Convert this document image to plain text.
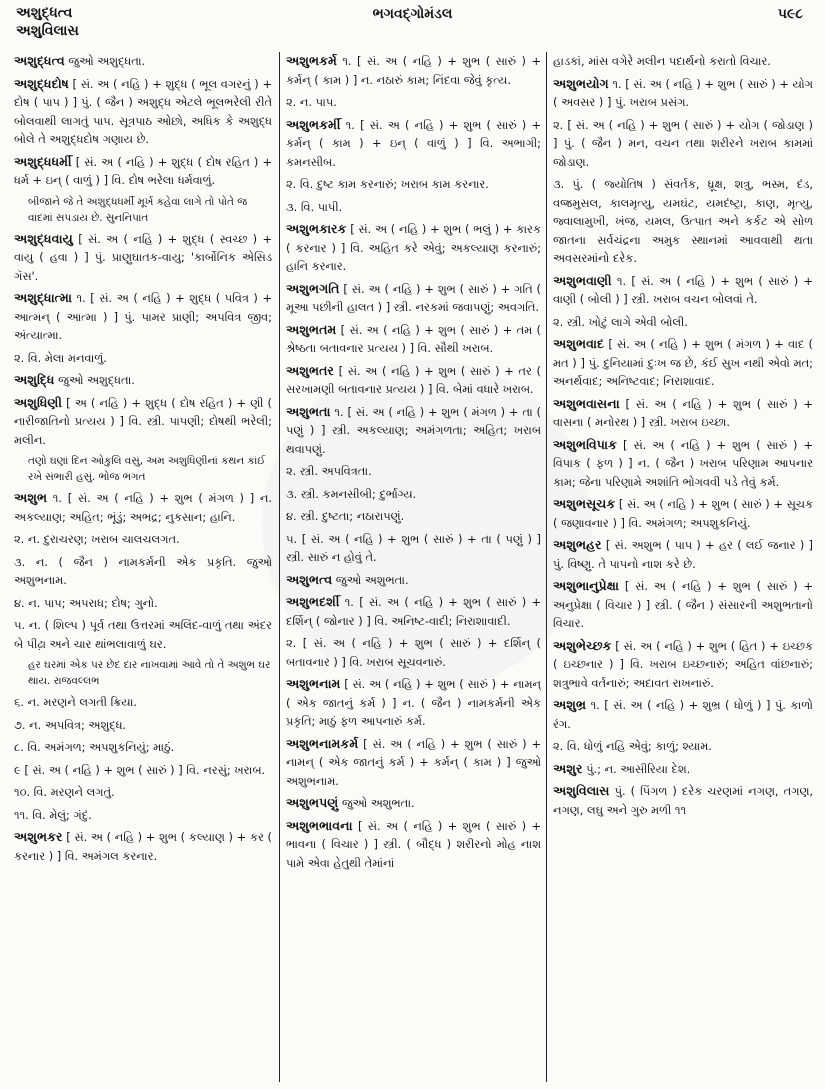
અશુદ્ધત્વ
અશુવિલાસ
ભગવદ્ગોમંડલ	પ૯૮

અશુદ્ધત્વ જુઓ અશુદ્ધતા.

અશુદ્ધદોષ [ સં. અ ( નહિ ) + શુદ્ધ ( ભૂલ વગરનું ) + દોષ ( પાપ ) ] પું. ( જૈન ) અશુદ્ધ એટલે ભૂલભરેલી રીતે બોલવાથી લાગતું પાપ. સૂત્રપાઠ ઓછો, અધિક કે અશુદ્ધ બોલે તે અશુદ્ધદોષ ગણાય છે.

અશુદ્ધધર્મી [ સં. અ ( નહિ ) + શુદ્ધ ( દોષ રહિત ) + ધર્મ + ઇન્ ( વાળું ) ] વિ. દોષ ભરેલા ધર્મવાળું.

બીજાને જે તે અશુદ્ધધર્મી મૂર્ખ કહેવા લાગે તો પોતે જ વાદમાં સપડાય છે. સુનનિપાત

અશુદ્ધવાયુ [ સં. અ ( નહિ ) + શુદ્ધ ( સ્વચ્છ ) + વાયુ ( હવા ) ] પું. પ્રાણુઘાતક-વાયુ; 'કાર્બોનિક એસિડ ગૅસ'.

અશુદ્ધાત્મા ૧. [ સં. અ ( નહિ ) + શુદ્ધ ( પવિત્ર ) + આત્મન્ ( આત્મા ) ] પું. પામર પ્રાણી; અપવિત્ર જીવ; અંત્યાત્મા.

૨. વિ. મેલા મનવાળું.

અશુદ્ધિ જુઓ અશુદ્ધતા.

અશુધિણી [ અ ( નહિ ) + શુદ્ધ ( દોષ રહિત ) + ણી ( નારીજાતિનો પ્રત્યય ) ] વિ. સ્ત્રી. પાપણી; દોષથી ભરેલી; મલીન.

તણો ઘણાં દિન ઓકુલિ વસું, અમ અશુધિણીનાં કથન કાંઈ રખે સંભારી હસું. ભોજ ભગત

અશુભ ૧. [ સં. અ ( નહિ ) + શુભ ( મંગળ ) ] ન. અકલ્યાણ; અહિત; ભૂંડું; અભદ્ર; નુકસાન; હાનિ.

૨. ન. દુરાચરણ; ખરાબ ચાલચલગત.

૩. ન. ( જૈન ) નામકર્મની એક પ્રકૃતિ. જુઓ અશુભનામ.

૪. ન. પાપ; અપરાધ; દોષ; ગુનો.

૫. ન. ( શિલ્પ ) પૂર્વ તથા ઉત્તરમાં અલિંદ-વાળું તથા અંદર બે પીઢ઼ા અને ચાર થાંભલાવાળું ઘર.

હર ઘરમાં એક પર છેદ દાર નાખવામાં આવે તો તે અશુભ ઘર થાય. રાજવલ્લભ

૬. ન. મરણને લગતી ક્રિયા.

૭. ન. અપવિત્ર; અશુદ્ધ.

૮. વિ. અમંગળ; અપશુકનિયું; માઠું.

૯ [ સં. અ ( નહિ ) + શુભ ( સારું ) ] વિ. નરસું; ખરાબ.

૧૦. વિ. મરણને લગતું.

૧૧. વિ. મેલું; ગંદું.

અશુભકર [ સં. અ ( નહિ ) + શુભ ( કલ્યાણ ) + કર ( કરનાર ) ] વિ. અમંગલ કરનાર.

અશુભકર્મ ૧. [ સં. અ ( નહિ ) + શુભ ( સારું ) + કર્મન્ ( કામ ) ] ન. નઠારું કામ; નિંદવા જેવું કૃત્ય.

૨. ન. પાપ.

અશુભકર્મી ૧. [ સં. અ ( નહિ ) + શુભ ( સારું ) + કર્મન્ ( કામ ) + ઇન્ ( વાળું ) ] વિ. અભાગી; કમનસીબ.

૨. વિ. દુષ્ટ કામ કરનારું; ખરાબ કામ કરનાર.

૩. વિ. પાપી.

અશુભકારક [ સં. અ ( નહિ ) + શુભ ( ભલું ) + કારક ( કરનાર ) ] વિ. અહિત કરે એવું; અકલ્યાણ કરનારું; હાનિ કરનાર.

અશુભગતિ [ સં. અ ( નહિ ) + શુભ ( સારું ) + ગતિ ( મૂઆ પછીની હાલત ) ] સ્ત્રી. નરકમાં જવાપણું; અવગતિ.

અશુભતમ [ સં. અ ( નહિ ) + શુભ ( સારું ) + તમ ( શ્રેષ્ઠતા બતાવનાર પ્રત્યય ) ] વિ. સૌથી ખરાબ.

અશુભતર [ સં. અ ( નહિ ) + શુભ ( સારું ) + તર ( સરખામણી બતાવનાર પ્રત્યય ) ] વિ. બેમાં વધારે ખરાબ.

અશુભતા ૧. [ સં. અ ( નહિ ) + શુભ ( મંગળ ) + તા ( પણું ) ] સ્ત્રી. અકલ્યાણ; અમંગળતા; અહિત; ખરાબ થવાપણું.

૨. સ્ત્રી. અપવિત્રતા.

૩. સ્ત્રી. કમનસીબી; દુર્ભાગ્ય.

૪. સ્ત્રી. દુષ્ટતા; નઠારાપણું.

૫. [ સં. અ ( નહિ ) + શુભ ( સારું ) + તા ( પણું ) ] સ્ત્રી. સારું ન હોવું તે.

અશુભત્વ જુઓ અશુભતા.

અશુભદર્શી ૧. [ સં. અ ( નહિ ) + શુભ ( સારું ) + દર્શિન્ ( જોનાર ) ] વિ. અનિષ્ટ-વાદી; નિરાશાવાદી.

૨. [ સં. અ ( નહિ ) + શુભ ( સારું ) + દર્શિન્ ( બતાવનાર ) ] વિ. ખરાબ સૂચવનારું.

અશુભનામ [ સં. અ ( નહિ ) + શુભ ( સારું ) + નામન્ ( એક જાતનું કર્મ ) ] ન. ( જૈન ) નામકર્મની એક પ્રકૃતિ; માઠું ફળ આપનારું કર્મ.

અશુભનામકર્મ [ સં. અ ( નહિ ) + શુભ ( સારું ) + નામન્ ( એક જાતનું કર્મ ) + કર્મન્ ( કામ ) ] જુઓ અશુભનામ.

અશુભપણું જુઓ અશુભતા.

અશુભભાવના [ સં. અ ( નહિ ) + શુભ ( સારું ) + ભાવના ( વિચાર ) ] સ્ત્રી. ( બૌદ્ધ ) શરીરનો મોહ નાશ પામે એવા હેતુથી તેમાંનાં

હાડકાં, માંસ વગેરે મલીન પદાર્થનો કરાતો વિચાર.

અશુભયોગ ૧. [ સં. અ ( નહિ ) + શુભ ( સારું ) + યોગ ( અવસર ) ] પું. ખરાબ પ્રસંગ.

૨. [ સં. અ ( નહિ ) + શુભ ( સારું ) + યોગ ( જોડાણ ) ] પું. ( જૈન ) મન, વચન તથા શરીરને ખરાબ કામમાં જોડાણ.

૩. પું. ( જ્યોતિષ ) સંવર્તક, ધ્રૂક્ષ, શત્રુ, ભસ્મ, દંડ, વજ્રમુસલ, કાલમૃત્યુ, યમઘંટ, યમદંષ્ટ્રા, કાણ, મૃત્યુ, જ્વાલામુખી, ખંજ, યમલ, ઉત્પાત અને કર્કટ એ સોળ જાતના સર્વચંદ્રના અમુક સ્થાનમાં આવવાથી થતા અવસરમાંનો દરેક.

અશુભવાણી ૧. [ સં. અ ( નહિ ) + શુભ ( સારું ) + વાણી ( બોલી ) ] સ્ત્રી. ખરાબ વચન બોલવાં તે.

૨. સ્ત્રી. ખોટું લાગે એવી બોલી.

અશુભવાદ [ સં. અ ( નહિ ) + શુભ ( મંગળ ) + વાદ ( મત ) ] પું. દુનિયામાં દુઃખ જ છે, કંઈ સુખ નથી એવો મત; અનર્થવાદ; અનિષ્ટવાદ; નિરાશાવાદ.

અશુભવાસના [ સં. અ ( નહિ ) + શુભ ( સારું ) + વાસના ( મનોરથ ) ] સ્ત્રી. ખરાબ ઇચ્છા.

અશુભવિપાક [ સં. અ ( નહિ ) + શુભ ( સારું ) + વિપાક ( ફળ ) ] ન. ( જૈન ) ખરાબ પરિણામ આપનાર કામ; જેના પરિણામે અશાંતિ ભોગવવી પડે તેવું કર્મ.

અશુભસૂચક [ સં. અ ( નહિ ) + શુભ ( સારું ) + સૂચક ( જણાવનાર ) ] વિ. અમંગળ; અપશુકનિયું.

અશુભહર [ સં. અશુભ ( પાપ ) + હર ( લઈ જનાર ) ] પું. વિષ્ણુ. તે પાપનો નાશ કરે છે.

અશુભાનુપ્રેક્ષા [ સં. અ ( નહિ ) + શુભ ( સારું ) + અનુપ્રેક્ષા ( વિચાર ) ] સ્ત્રી. ( જૈન ) સંસારની અશુભતાનો વિચાર.

અશુભેચ્છક [ સં. અ ( નહિ ) + શુભ ( હિત ) + ઇચ્છક ( ઇચ્છનાર ) ] વિ. ખરાબ ઇચ્છનારું; અહિત વાંછનારું; શત્રુભાવે વર્તનારું; અદાવત રાખનારું.

અશુભ્ર ૧. [ સં. અ ( નહિ ) + શુભ્ર ( ધોળું ) ] પું. કાળો રંગ.

૨. વિ. ધોળું નહિ એવું; કાળું; શ્યામ.

અશુર પું.; ન. આસીરિયા દેશ.

અશુવિલાસ પું. ( પિંગળ ) દરેક ચરણમાં નગણ, તગણ, નગણ, લઘુ અને ગુરુ મળી ૧૧
